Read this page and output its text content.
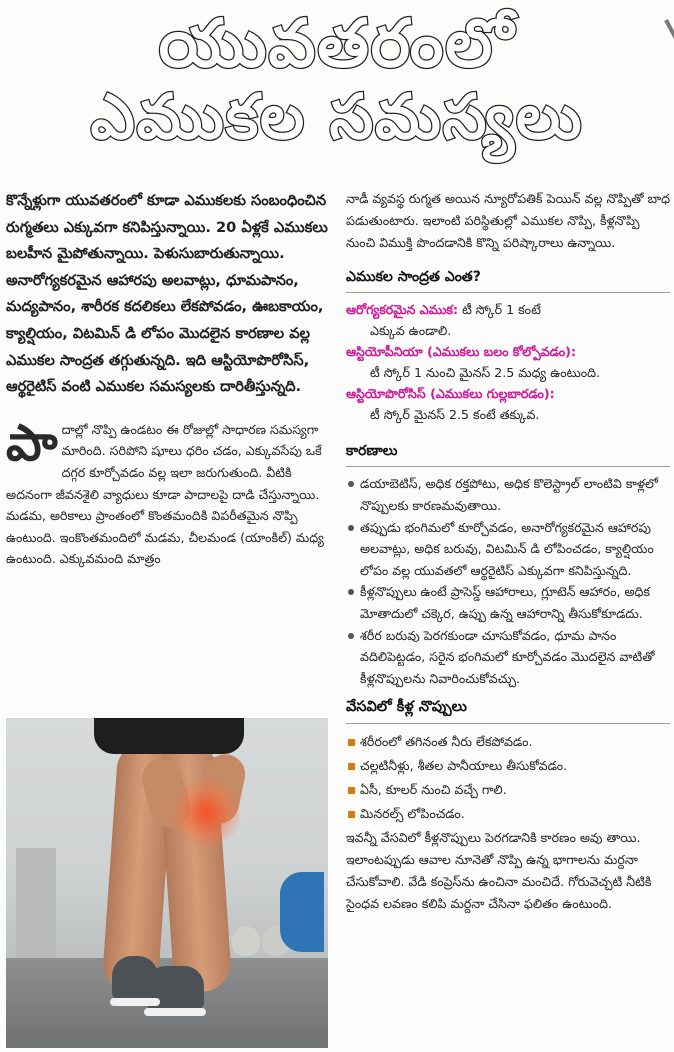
యువతరంలో
ఎముకల సమస్యలు

కొన్నేళ్లుగా యువతరంలో కూడా ఎముకలకు సంబంధించిన రుగ్మతలు ఎక్కువగా కనిపిస్తున్నాయి. 20 ఏళ్లకే ఎముకలు బలహీన మైపోతున్నాయి. పెళుసుబారుతున్నాయి. అనారోగ్యకరమైన ఆహారపు అలవాట్లు, ధూమపానం, మద్యపానం, శారీరక కదలికలు లేకపోవడం, ఊబకాయం, క్యాల్షియం, విటమిన్ డి లోపం మొదలైన కారణాల వల్ల ఎముకల సాంద్రత తగ్గుతున్నది. ఇది ఆస్టియోపొరోసిస్, ఆర్థరైటిస్ వంటి ఎముకల సమస్యలకు దారితీస్తున్నది.

పా దాల్లో నొప్పి ఉండటం ఈ రోజుల్లో సాధారణ సమస్యగా మారింది. సరిపోని షూలు ధరిం చడం, ఎక్కువసేపు ఒకే దగ్గర కూర్చోవడం వల్ల ఇలా జరుగుతుంది. వీటికి అదనంగా జీవనశైలి వ్యాధులు కూడా పాదాలపై దాడి చేస్తున్నాయి. మడమ, అరికాలు ప్రాంతంలో కొంతమందికి విపరీతమైన నొప్పి ఉంటుంది. ఇంకొంతమందిలో మడమ, చీలమండ (యాంకిల్) మధ్య ఉంటుంది. ఎక్కువమంది మాత్రం

నాడీ వ్యవస్థ రుగ్మత అయిన న్యూరోపతిక్ పెయిన్ వల్ల నొప్పితో బాధ పడుతుంటారు. ఇలాంటి పరిస్థితుల్లో ఎముకల నొప్పి, కీళ్లనొప్పి నుంచి విముక్తి పొందడానికి కొన్ని పరిష్కారాలు ఉన్నాయి.

ఎముకల సాంద్రత ఎంత?
ఆరోగ్యకరమైన ఎముక: టీ స్కోర్ 1 కంటే
ఎక్కువ ఉండాలి.
ఆస్టియోపీనియా (ఎముకలు బలం కోల్పోవడం):
టీ స్కోర్ 1 నుంచి మైనస్ 2.5 మధ్య ఉంటుంది.
ఆస్టియోపొరోసిస్ (ఎముకలు గుల్లబారడం):
టీ స్కోర్ మైనస్ 2.5 కంటే తక్కువ.
కారణాలు
డయాబెటిస్, అధిక రక్తపోటు, అధిక కొలెస్ట్రాల్ లాంటివి కాళ్లలో నొప్పులకు కారణమవుతాయి.
తప్పుడు భంగిమలో కూర్చోవడం, అనారోగ్యకరమైన ఆహారపు అలవాట్లు, అధిక బరువు, విటమిన్ డి లోపించడం, క్యాల్షియం లోపం వల్ల యువతలో ఆర్థరైటిస్ ఎక్కువగా కనిపిస్తున్నది.
కీళ్లనొప్పులు ఉంటే ప్రాసెస్డ్ ఆహారాలు, గ్లూటెన్ ఆహారం, అధిక మోతాదులో చక్కెర, ఉప్పు ఉన్న ఆహారాన్ని తీసుకోకూడదు.
శరీర బరువు పెరగకుండా చూసుకోవడం, ధూమ పానం వదిలిపెట్టడం, సరైన భంగిమలో కూర్చోవడం మొదలైన వాటితో కీళ్లనొప్పులను నివారించుకోవచ్చు.
వేసవిలో కీళ్ల నొప్పులు
శరీరంలో తగినంత నీరు లేకపోవడం.
చల్లటినీళ్లు, శీతల పానీయాలు తీసుకోవడం.
ఏసీ, కూలర్ నుంచి వచ్చే గాలి.
మినరల్స్ లోపించడం.

ఇవన్నీ వేసవిలో కీళ్లనొప్పులు పెరగడానికి కారణం అవు తాయి. ఇలాంటప్పుడు ఆవాల నూనెతో నొప్పి ఉన్న భాగాలను మర్దనా చేసుకోవాలి. వేడి కంప్రెస్‌ను ఉంచినా మంచిదే. గోరువెచ్చటి నీటికి సైంధవ లవణం కలిపి మర్దనా చేసినా ఫలితం ఉంటుంది.
